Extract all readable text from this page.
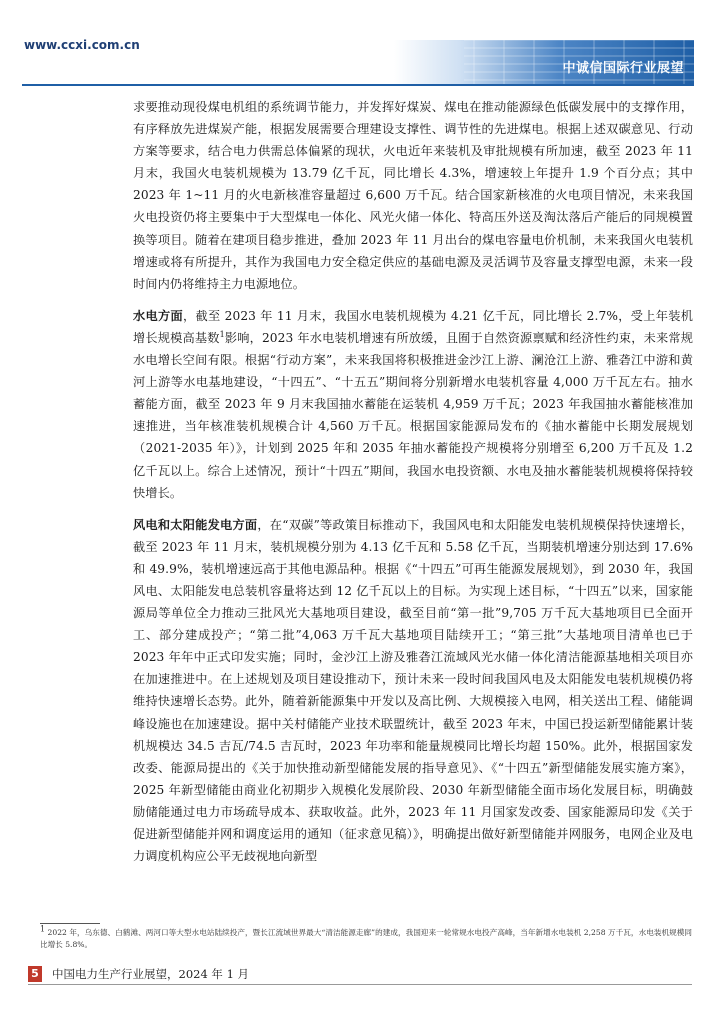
www.ccxi.com.cn
中诚信国际行业展望

求要推动现役煤电机组的系统调节能力，并发挥好煤炭、煤电在推动能源绿色低碳发展中的支撑作用，有序释放先进煤炭产能，根据发展需要合理建设支撑性、调节性的先进煤电。根据上述双碳意见、行动方案等要求，结合电力供需总体偏紧的现状，火电近年来装机及审批规模有所加速，截至 2023 年 11 月末，我国火电装机规模为 13.79 亿千瓦，同比增长 4.3%，增速较上年提升 1.9 个百分点；其中 2023 年 1~11 月的火电新核准容量超过 6,600 万千瓦。结合国家新核准的火电项目情况，未来我国火电投资仍将主要集中于大型煤电一体化、风光火储一体化、特高压外送及淘汰落后产能后的同规模置换等项目。随着在建项目稳步推进，叠加 2023 年 11 月出台的煤电容量电价机制，未来我国火电装机增速或将有所提升，其作为我国电力安全稳定供应的基础电源及灵活调节及容量支撑型电源，未来一段时间内仍将维持主力电源地位。

水电方面，截至 2023 年 11 月末，我国水电装机规模为 4.21 亿千瓦，同比增长 2.7%，受上年装机增长规模高基数$^1$影响，2023 年水电装机增速有所放缓，且囿于自然资源禀赋和经济性约束，未来常规水电增长空间有限。根据“行动方案”，未来我国将积极推进金沙江上游、澜沧江上游、雅砻江中游和黄河上游等水电基地建设，“十四五”、“十五五”期间将分别新增水电装机容量 4,000 万千瓦左右。抽水蓄能方面，截至 2023 年 9 月末我国抽水蓄能在运装机 4,959 万千瓦；2023 年我国抽水蓄能核准加速推进，当年核准装机规模合计 4,560 万千瓦。根据国家能源局发布的《抽水蓄能中长期发展规划（2021-2035 年）》，计划到 2025 年和 2035 年抽水蓄能投产规模将分别增至 6,200 万千瓦及 1.2 亿千瓦以上。综合上述情况，预计“十四五”期间，我国水电投资额、水电及抽水蓄能装机规模将保持较快增长。

风电和太阳能发电方面，在“双碳”等政策目标推动下，我国风电和太阳能发电装机规模保持快速增长，截至 2023 年 11 月末，装机规模分别为 4.13 亿千瓦和 5.58 亿千瓦，当期装机增速分别达到 17.6%和 49.9%，装机增速远高于其他电源品种。根据《“十四五”可再生能源发展规划》，到 2030 年，我国风电、太阳能发电总装机容量将达到 12 亿千瓦以上的目标。为实现上述目标，“十四五”以来，国家能源局等单位全力推动三批风光大基地项目建设，截至目前“第一批”9,705 万千瓦大基地项目已全面开工、部分建成投产；“第二批”4,063 万千瓦大基地项目陆续开工；“第三批”大基地项目清单也已于 2023 年年中正式印发实施；同时，金沙江上游及雅砻江流域风光水储一体化清洁能源基地相关项目亦在加速推进中。在上述规划及项目建设推动下，预计未来一段时间我国风电及太阳能发电装机规模仍将维持快速增长态势。此外，随着新能源集中开发以及高比例、大规模接入电网，相关送出工程、储能调峰设施也在加速建设。据中关村储能产业技术联盟统计，截至 2023 年末，中国已投运新型储能累计装机规模达 34.5 吉瓦/74.5 吉瓦时，2023 年功率和能量规模同比增长均超 150%。此外，根据国家发改委、能源局提出的《关于加快推动新型储能发展的指导意见》、《“十四五”新型储能发展实施方案》，2025 年新型储能由商业化初期步入规模化发展阶段、2030 年新型储能全面市场化发展目标，明确鼓励储能通过电力市场疏导成本、获取收益。此外，2023 年 11 月国家发改委、国家能源局印发《关于促进新型储能并网和调度运用的通知（征求意见稿）》，明确提出做好新型储能并网服务，电网企业及电力调度机构应公平无歧视地向新型

$^1$ 2022 年，乌东德、白鹤滩、两河口等大型水电站陆续投产，暨长江流域世界最大“清洁能源走廊”的建成，我国迎来一轮常规水电投产高峰，当年新增水电装机 2,258 万千瓦，水电装机规模同比增长 5.8%。
5 中国电力生产行业展望，2024 年 1 月
